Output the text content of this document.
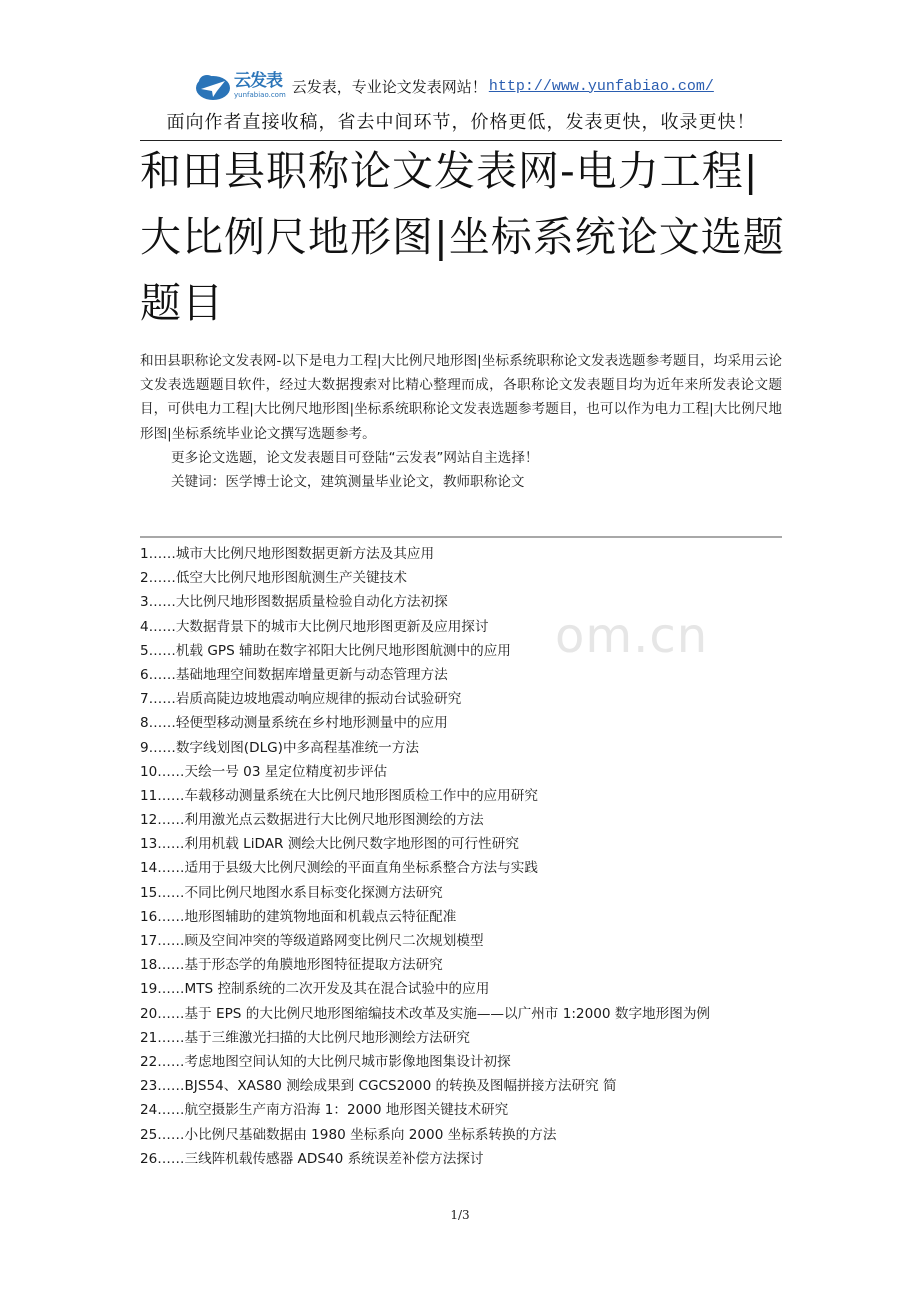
云发表
yunfabiao.com 云发表，专业论文发表网站！ http://www.yunfabiao.com/
面向作者直接收稿，省去中间环节，价格更低，发表更快，收录更快！
和田县职称论文发表网-电力工程|大比例尺地形图|坐标系统论文选题题目

和田县职称论文发表网-以下是电力工程|大比例尺地形图|坐标系统职称论文发表选题参考题目，均采用云论文发表选题题目软件，经过大数据搜索对比精心整理而成，各职称论文发表题目均为近年来所发表论文题目，可供电力工程|大比例尺地形图|坐标系统职称论文发表选题参考题目，也可以作为电力工程|大比例尺地形图|坐标系统毕业论文撰写选题参考。

更多论文选题，论文发表题目可登陆“云发表”网站自主选择！

关键词：医学博士论文，建筑测量毕业论文，教师职称论文

om.cn
1……城市大比例尺地形图数据更新方法及其应用
2……低空大比例尺地形图航测生产关键技术
3……大比例尺地形图数据质量检验自动化方法初探
4……大数据背景下的城市大比例尺地形图更新及应用探讨
5……机载 GPS 辅助在数字祁阳大比例尺地形图航测中的应用
6……基础地理空间数据库增量更新与动态管理方法
7……岩质高陡边坡地震动响应规律的振动台试验研究
8……轻便型移动测量系统在乡村地形测量中的应用
9……数字线划图(DLG)中多高程基准统一方法
10……天绘一号 03 星定位精度初步评估
11……车载移动测量系统在大比例尺地形图质检工作中的应用研究
12……利用激光点云数据进行大比例尺地形图测绘的方法
13……利用机载 LiDAR 测绘大比例尺数字地形图的可行性研究
14……适用于县级大比例尺测绘的平面直角坐标系整合方法与实践
15……不同比例尺地图水系目标变化探测方法研究
16……地形图辅助的建筑物地面和机载点云特征配准
17……顾及空间冲突的等级道路网变比例尺二次规划模型
18……基于形态学的角膜地形图特征提取方法研究
19……MTS 控制系统的二次开发及其在混合试验中的应用
20……基于 EPS 的大比例尺地形图缩编技术改革及实施——以广州市 1:2000 数字地形图为例
21……基于三维激光扫描的大比例尺地形测绘方法研究
22……考虑地图空间认知的大比例尺城市影像地图集设计初探
23……BJS54、XAS80 测绘成果到 CGCS2000 的转换及图幅拼接方法研究 简
24……航空摄影生产南方沿海 1：2000 地形图关键技术研究
25……小比例尺基础数据由 1980 坐标系向 2000 坐标系转换的方法
26……三线阵机载传感器 ADS40 系统误差补偿方法探讨
1/3
